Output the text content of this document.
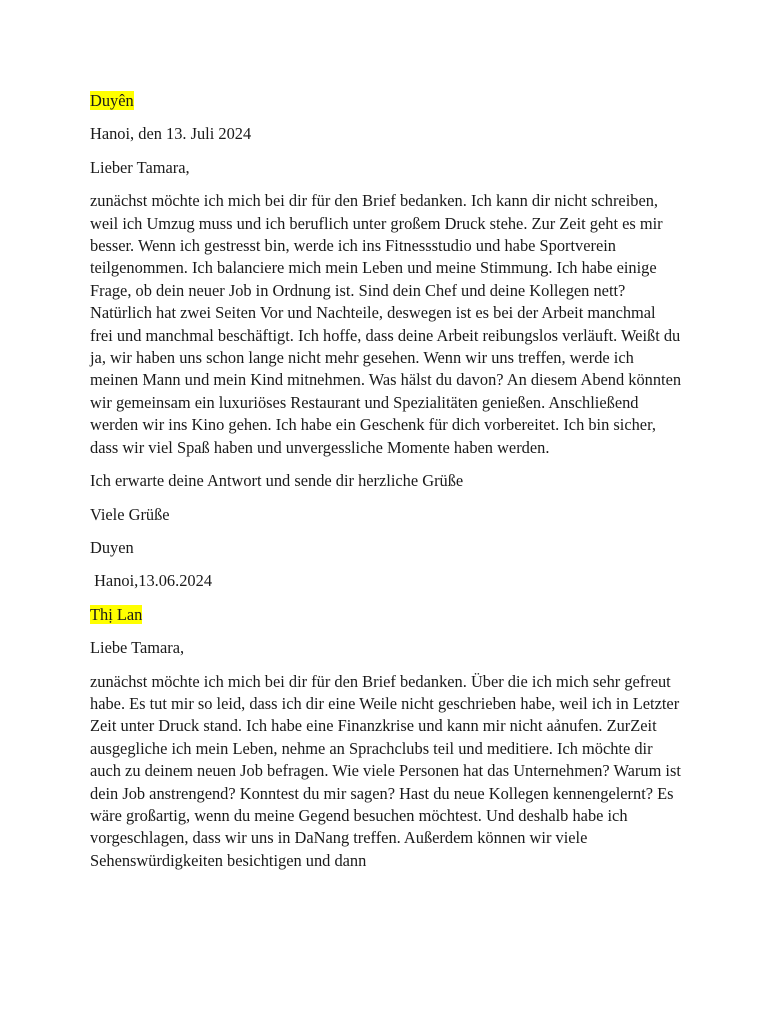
Duyên

Hanoi, den 13. Juli 2024

Lieber Tamara,

zunächst möchte ich mich bei dir für den Brief bedanken. Ich kann dir nicht schreiben, weil ich Umzug muss und ich beruflich unter großem Druck stehe. Zur Zeit geht es mir besser. Wenn ich gestresst bin, werde ich ins Fitnessstudio und habe Sportverein teilgenommen. Ich balanciere mich mein Leben und meine Stimmung. Ich habe einige Frage, ob dein neuer Job in Ordnung ist. Sind dein Chef und deine Kollegen nett? Natürlich hat zwei Seiten Vor und Nachteile, deswegen ist es bei der Arbeit manchmal frei und manchmal beschäftigt. Ich hoffe, dass deine Arbeit reibungslos verläuft. Weißt du ja, wir haben uns schon lange nicht mehr gesehen. Wenn wir uns treffen, werde ich meinen Mann und mein Kind mitnehmen. Was hälst du davon? An diesem Abend könnten wir gemeinsam ein luxuriöses Restaurant und Spezialitäten genießen. Anschließend werden wir ins Kino gehen. Ich habe ein Geschenk für dich vorbereitet. Ich bin sicher, dass wir viel Spaß haben und unvergessliche Momente haben werden.

Ich erwarte deine Antwort und sende dir herzliche Grüße

Viele Grüße

Duyen

Hanoi,13.06.2024

Thị Lan

Liebe Tamara,

zunächst möchte ich mich bei dir für den Brief bedanken. Über die ich mich sehr gefreut habe. Es tut mir so leid, dass ich dir eine Weile nicht geschrieben habe, weil ich in Letzter Zeit unter Druck stand. Ich habe eine Finanzkrise und kann mir nicht aảnufen. ZurZeit ausgegliche ich mein Leben, nehme an Sprachclubs teil und meditiere. Ich möchte dir auch zu deinem neuen Job befragen. Wie viele Personen hat das Unternehmen? Warum ist dein Job anstrengend? Konntest du mir sagen? Hast du neue Kollegen kennengelernt? Es wäre großartig, wenn du meine Gegend besuchen möchtest. Und deshalb habe ich vorgeschlagen, dass wir uns in DaNang treffen. Außerdem können wir viele Sehenswürdigkeiten besichtigen und dann
